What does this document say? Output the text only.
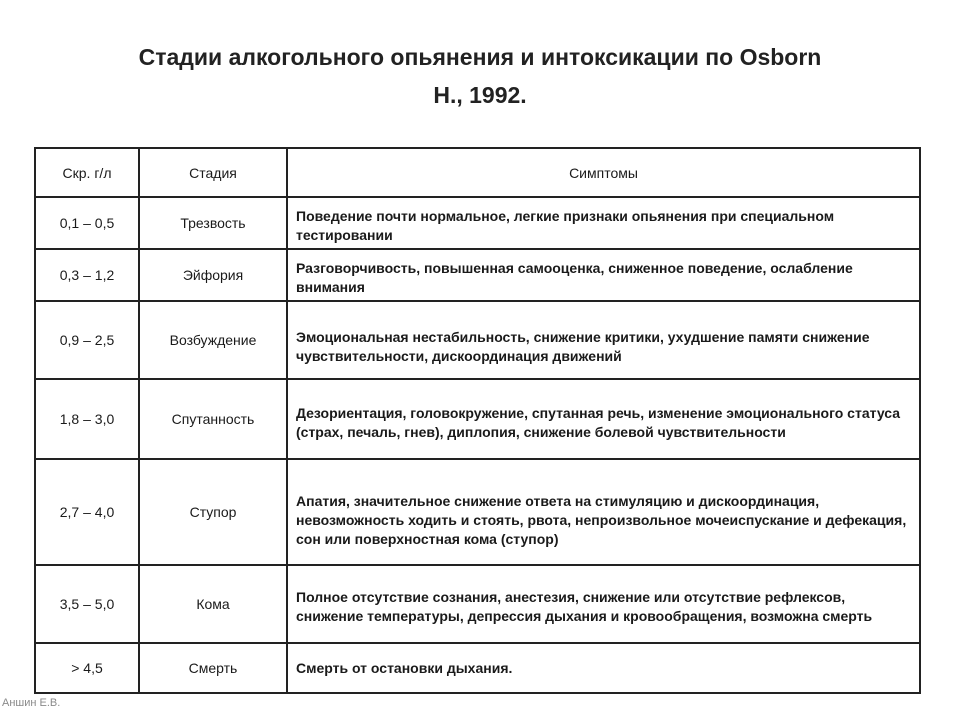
Стадии алкогольного опьянения и интоксикации по Osborn
H., 1992.
Скр. г/л	Стадия	Симптомы
0,1 – 0,5	Трезвость	Поведение почти нормальное, легкие признаки опьянения при специальном тестировании

0,3 – 1,2	Эйфория	Разговорчивость, повышенная самооценка, сниженное поведение, ослабление внимания

0,9 – 2,5	Возбуждение	Эмоциональная нестабильность, снижение критики, ухудшение памяти снижение чувствительности, дискоординация движений

1,8 – 3,0	Спутанность	Дезориентация, головокружение, спутанная речь, изменение эмоционального статуса (страх, печаль, гнев), диплопия, снижение болевой чувствительности

2,7 – 4,0	Ступор	Апатия, значительное снижение ответа на стимуляцию и дискоординация, невозможность ходить и стоять, рвота, непроизвольное мочеиспускание и дефекация, сон или поверхностная кома (ступор)

3,5 – 5,0	Кома	Полное отсутствие сознания, анестезия, снижение или отсутствие рефлексов, снижение температуры, депрессия дыхания и кровообращения, возможна смерть

> 4,5	Смерть	Смерть от остановки дыхания.
Аншин Е.В.
